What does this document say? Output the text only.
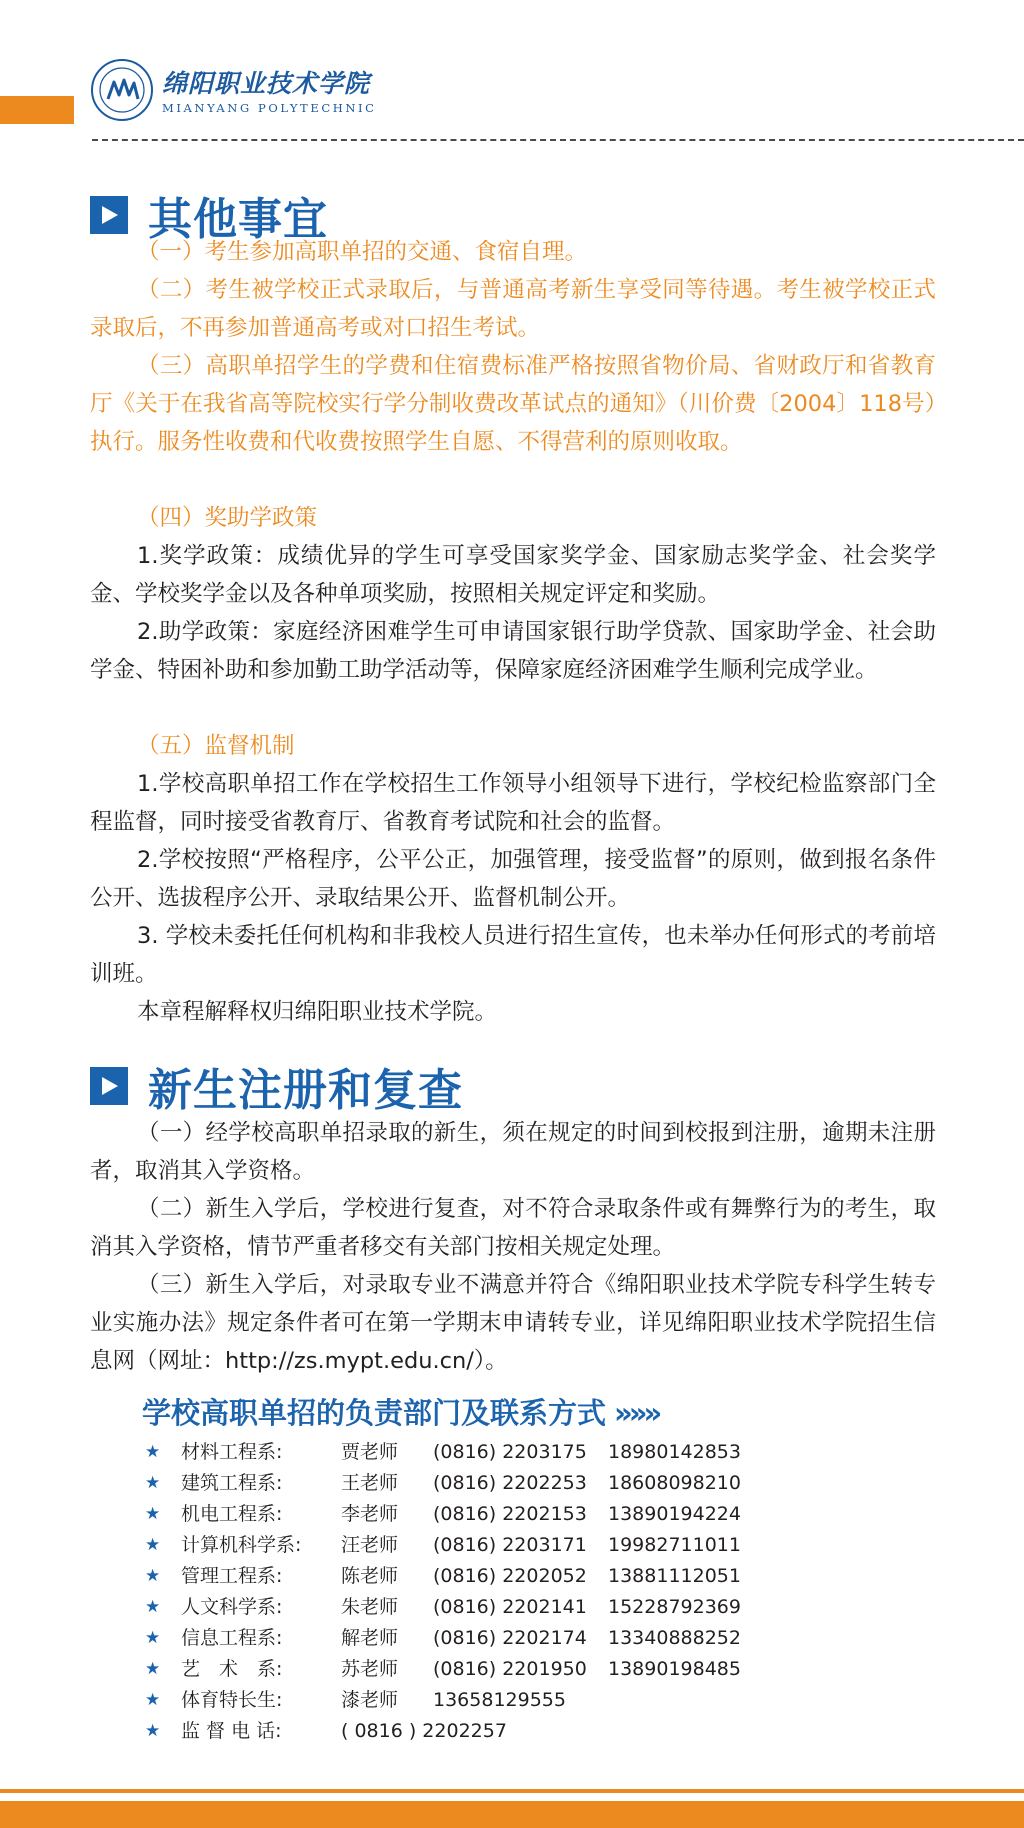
绵阳职业技术学院
MIANYANG POLYTECHNIC
其他事宜

（一）考生参加高职单招的交通、食宿自理。

（二）考生被学校正式录取后，与普通高考新生享受同等待遇。考生被学校正式录取后，不再参加普通高考或对口招生考试。

（三）高职单招学生的学费和住宿费标准严格按照省物价局、省财政厅和省教育厅《关于在我省高等院校实行学分制收费改革试点的通知》（川价费〔2004〕118号）执行。服务性收费和代收费按照学生自愿、不得营利的原则收取。

（四）奖助学政策

1.奖学政策：成绩优异的学生可享受国家奖学金、国家励志奖学金、社会奖学金、学校奖学金以及各种单项奖励，按照相关规定评定和奖励。

2.助学政策：家庭经济困难学生可申请国家银行助学贷款、国家助学金、社会助学金、特困补助和参加勤工助学活动等，保障家庭经济困难学生顺利完成学业。

（五）监督机制

1.学校高职单招工作在学校招生工作领导小组领导下进行，学校纪检监察部门全程监督，同时接受省教育厅、省教育考试院和社会的监督。

2.学校按照“严格程序，公平公正，加强管理，接受监督”的原则，做到报名条件公开、选拔程序公开、录取结果公开、监督机制公开。

3. 学校未委托任何机构和非我校人员进行招生宣传，也未举办任何形式的考前培训班。

本章程解释权归绵阳职业技术学院。

新生注册和复查

（一）经学校高职单招录取的新生，须在规定的时间到校报到注册，逾期未注册者，取消其入学资格。

（二）新生入学后，学校进行复查，对不符合录取条件或有舞弊行为的考生，取消其入学资格，情节严重者移交有关部门按相关规定处理。

（三）新生入学后，对录取专业不满意并符合《绵阳职业技术学院专科学生转专业实施办法》规定条件者可在第一学期末申请转专业，详见绵阳职业技术学院招生信息网（网址：http://zs.mypt.edu.cn/）。

学校高职单招的负责部门及联系方式 »»»
★ 材料工程系:	贾老师 (0816) 2203175 18980142853
★ 建筑工程系:	王老师 (0816) 2202253 18608098210
★ 机电工程系:	李老师 (0816) 2202153 13890194224
★ 计算机科学系: 汪老师 (0816) 2203171 19982711011
★ 管理工程系:	陈老师 (0816) 2202052 13881112051
★ 人文科学系:	朱老师 (0816) 2202141 15228792369
★ 信息工程系:	解老师 (0816) 2202174 13340888252
★ 艺　术　系:	苏老师 (0816) 2201950 13890198485
★ 体育特长生:	漆老师 13658129555
★ 监 督 电 话:	( 0816 ) 2202257
